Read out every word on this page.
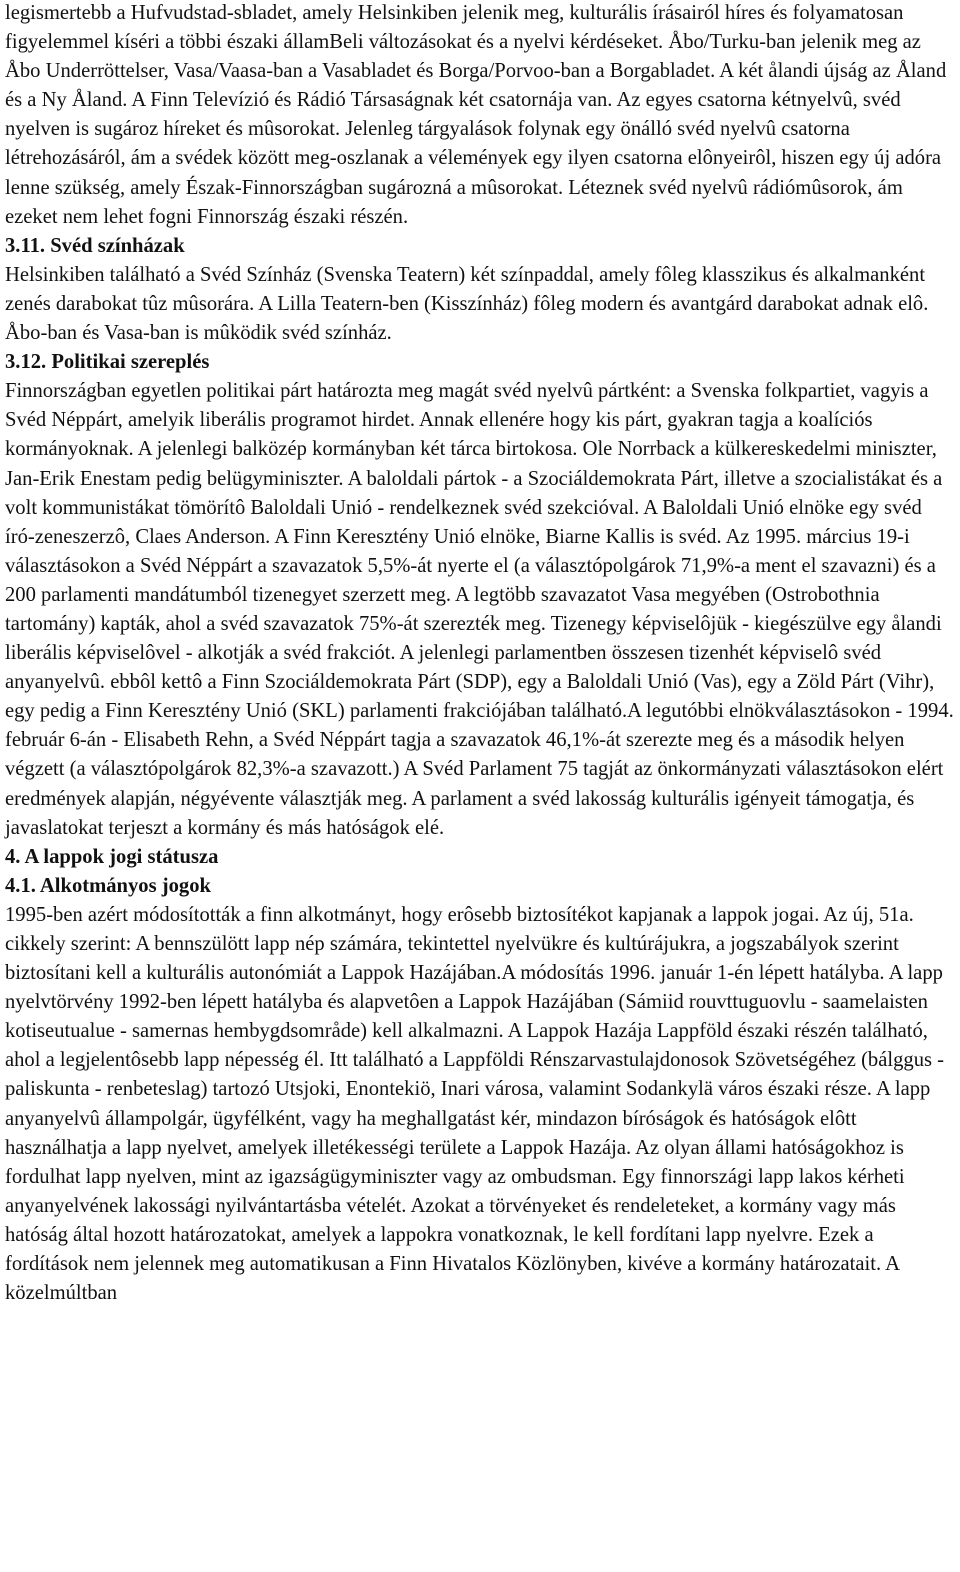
legismertebb a Hufvudstad-sbladet, amely Helsinkiben jelenik meg, kulturális írásairól híres és folyamatosan figyelemmel kíséri a többi északi államBeli változásokat és a nyelvi kérdéseket. Åbo/Turku-ban jelenik meg az Åbo Underröttelser, Vasa/Vaasa-ban a Vasabladet és Borga/Porvoo-ban a Borgabladet. A két ålandi újság az Åland és a Ny Åland. A Finn Televízió és Rádió Társaságnak két csatornája van. Az egyes csatorna kétnyelvû, svéd nyelven is sugároz híreket és mûsorokat. Jelenleg tárgyalások folynak egy önálló svéd nyelvû csatorna létrehozásáról, ám a svédek között meg-oszlanak a vélemények egy ilyen csatorna elônyeirôl, hiszen egy új adóra lenne szükség, amely Észak-Finnországban sugározná a mûsorokat. Léteznek svéd nyelvû rádiómûsorok, ám ezeket nem lehet fogni Finnország északi részén.

3.11. Svéd színházak

Helsinkiben található a Svéd Színház (Svenska Teatern) két színpaddal, amely fôleg klasszikus és alkalmanként zenés darabokat tûz mûsorára. A Lilla Teatern-ben (Kisszínház) fôleg modern és avantgárd darabokat adnak elô. Åbo-ban és Vasa-ban is mûködik svéd színház.

3.12. Politikai szereplés

Finnországban egyetlen politikai párt határozta meg magát svéd nyelvû pártként: a Svenska folkpartiet, vagyis a Svéd Néppárt, amelyik liberális programot hirdet. Annak ellenére hogy kis párt, gyakran tagja a koalíciós kormányoknak. A jelenlegi balközép kormányban két tárca birtokosa. Ole Norrback a külkereskedelmi miniszter, Jan-Erik Enestam pedig belügyminiszter. A baloldali pártok - a Szociáldemokrata Párt, illetve a szocialistákat és a volt kommunistákat tömörítô Baloldali Unió - rendelkeznek svéd szekcióval. A Baloldali Unió elnöke egy svéd író-zeneszerzô, Claes Anderson. A Finn Keresztény Unió elnöke, Biarne Kallis is svéd. Az 1995. március 19-i választásokon a Svéd Néppárt a szavazatok 5,5%-át nyerte el (a választópolgárok 71,9%-a ment el szavazni) és a 200 parlamenti mandátumból tizenegyet szerzett meg. A legtöbb szavazatot Vasa megyében (Ostrobothnia tartomány) kapták, ahol a svéd szavazatok 75%-át szerezték meg. Tizenegy képviselôjük - kiegészülve egy ålandi liberális képviselôvel - alkotják a svéd frakciót. A jelenlegi parlamentben összesen tizenhét képviselô svéd anyanyelvû. ebbôl kettô a Finn Szociáldemokrata Párt (SDP), egy a Baloldali Unió (Vas), egy a Zöld Párt (Vihr), egy pedig a Finn Keresztény Unió (SKL) parlamenti frakciójában található.A legutóbbi elnökválasztásokon - 1994. február 6-án - Elisabeth Rehn, a Svéd Néppárt tagja a szavazatok 46,1%-át szerezte meg és a második helyen végzett (a választópolgárok 82,3%-a szavazott.) A Svéd Parlament 75 tagját az önkormányzati választásokon elért eredmények alapján, négyévente választják meg. A parlament a svéd lakosság kulturális igényeit támogatja, és javaslatokat terjeszt a kormány és más hatóságok elé.

4. A lappok jogi státusza

4.1. Alkotmányos jogok

1995-ben azért módosították a finn alkotmányt, hogy erôsebb biztosítékot kapjanak a lappok jogai. Az új, 51a. cikkely szerint: A bennszülött lapp nép számára, tekintettel nyelvükre és kultúrájukra, a jogszabályok szerint biztosítani kell a kulturális autonómiát a Lappok Hazájában.A módosítás 1996. január 1-én lépett hatályba. A lapp nyelvtörvény 1992-ben lépett hatályba és alapvetôen a Lappok Hazájában (Sámiid rouvttuguovlu - saamelaisten kotiseutualue - samernas hembygdsområde) kell alkalmazni. A Lappok Hazája Lappföld északi részén található, ahol a legjelentôsebb lapp népesség él. Itt található a Lappföldi Rénszarvastulajdonosok Szövetségéhez (bálggus - paliskunta - renbeteslag) tartozó Utsjoki, Enontekiö, Inari városa, valamint Sodankylä város északi része. A lapp anyanyelvû állampolgár, ügyfélként, vagy ha meghallgatást kér, mindazon bíróságok és hatóságok elôtt használhatja a lapp nyelvet, amelyek illetékességi területe a Lappok Hazája. Az olyan állami hatóságokhoz is fordulhat lapp nyelven, mint az igazságügyminiszter vagy az ombudsman. Egy finnországi lapp lakos kérheti anyanyelvének lakossági nyilvántartásba vételét. Azokat a törvényeket és rendeleteket, a kormány vagy más hatóság által hozott határozatokat, amelyek a lappokra vonatkoznak, le kell fordítani lapp nyelvre. Ezek a fordítások nem jelennek meg automatikusan a Finn Hivatalos Közlönyben, kivéve a kormány határozatait. A közelmúltban
